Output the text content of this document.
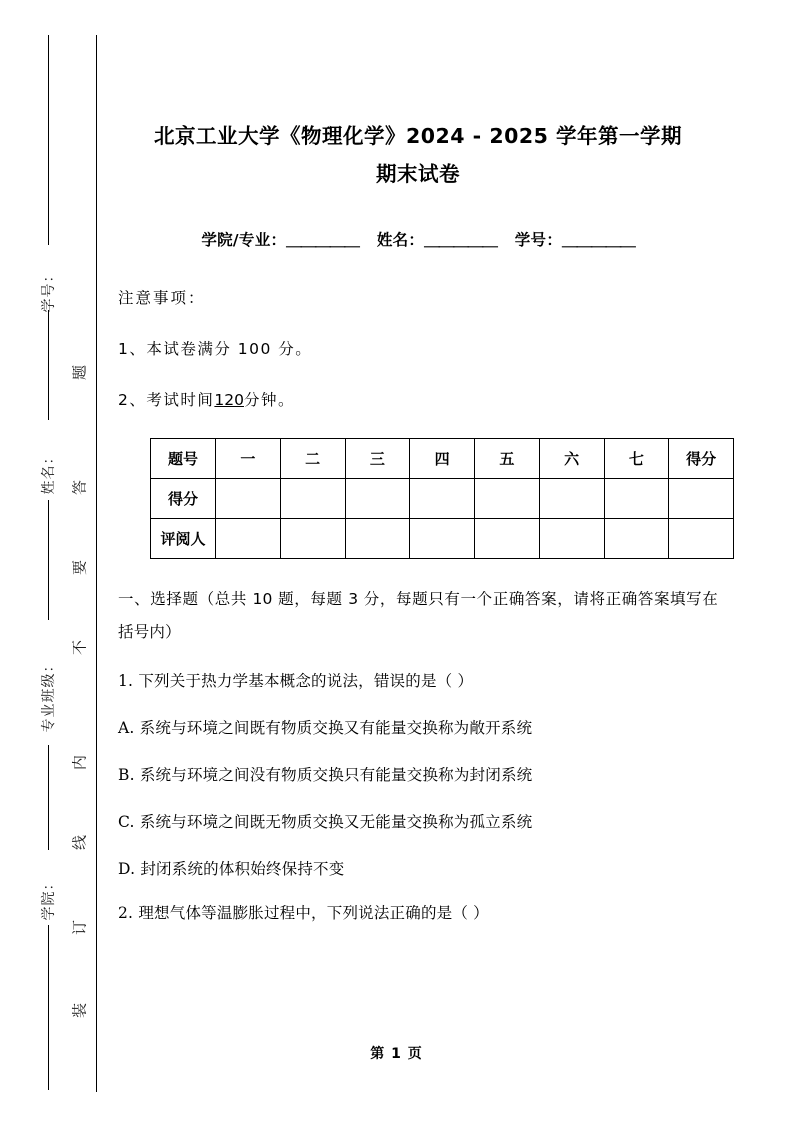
学号：
姓名：
专业班级：
学院：
题
答
要
不
内
线
订
装
北京工业大学《物理化学》2024 - 2025 学年第一学期
期末试卷
学院/专业：＿＿＿＿＿ 姓名：＿＿＿＿＿ 学号：＿＿＿＿＿
注意事项：
1、本试卷满分 100 分。
2、考试时间120分钟。
题号	一	二	三	四	五	六	七	得分
得分								
评阅人								
一、选择题（总共 10 题，每题 3 分，每题只有一个正确答案，请将正确答案填写在括号内）
1. 下列关于热力学基本概念的说法，错误的是（ ）
A. 系统与环境之间既有物质交换又有能量交换称为敞开系统
B. 系统与环境之间没有物质交换只有能量交换称为封闭系统
C. 系统与环境之间既无物质交换又无能量交换称为孤立系统
D. 封闭系统的体积始终保持不变
2. 理想气体等温膨胀过程中，下列说法正确的是（ ）
第 1 页
